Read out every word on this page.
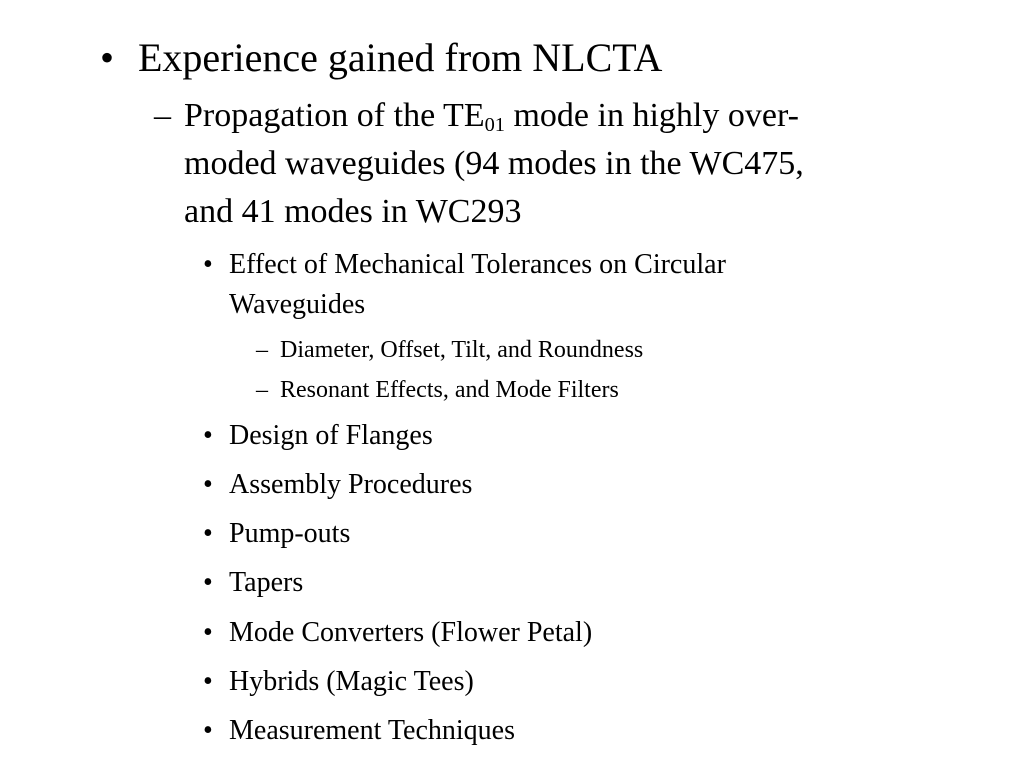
• Experience gained from NLCTA
– Propagation of the $TE_{01}$ mode in highly over-
moded waveguides (94 modes in the WC475,
and 41 modes in WC293
• Effect of Mechanical Tolerances on Circular
Waveguides
– Diameter, Offset, Tilt, and Roundness
– Resonant Effects, and Mode Filters
• Design of Flanges
• Assembly Procedures
• Pump-outs
• Tapers
• Mode Converters (Flower Petal)
• Hybrids (Magic Tees)
• Measurement Techniques
